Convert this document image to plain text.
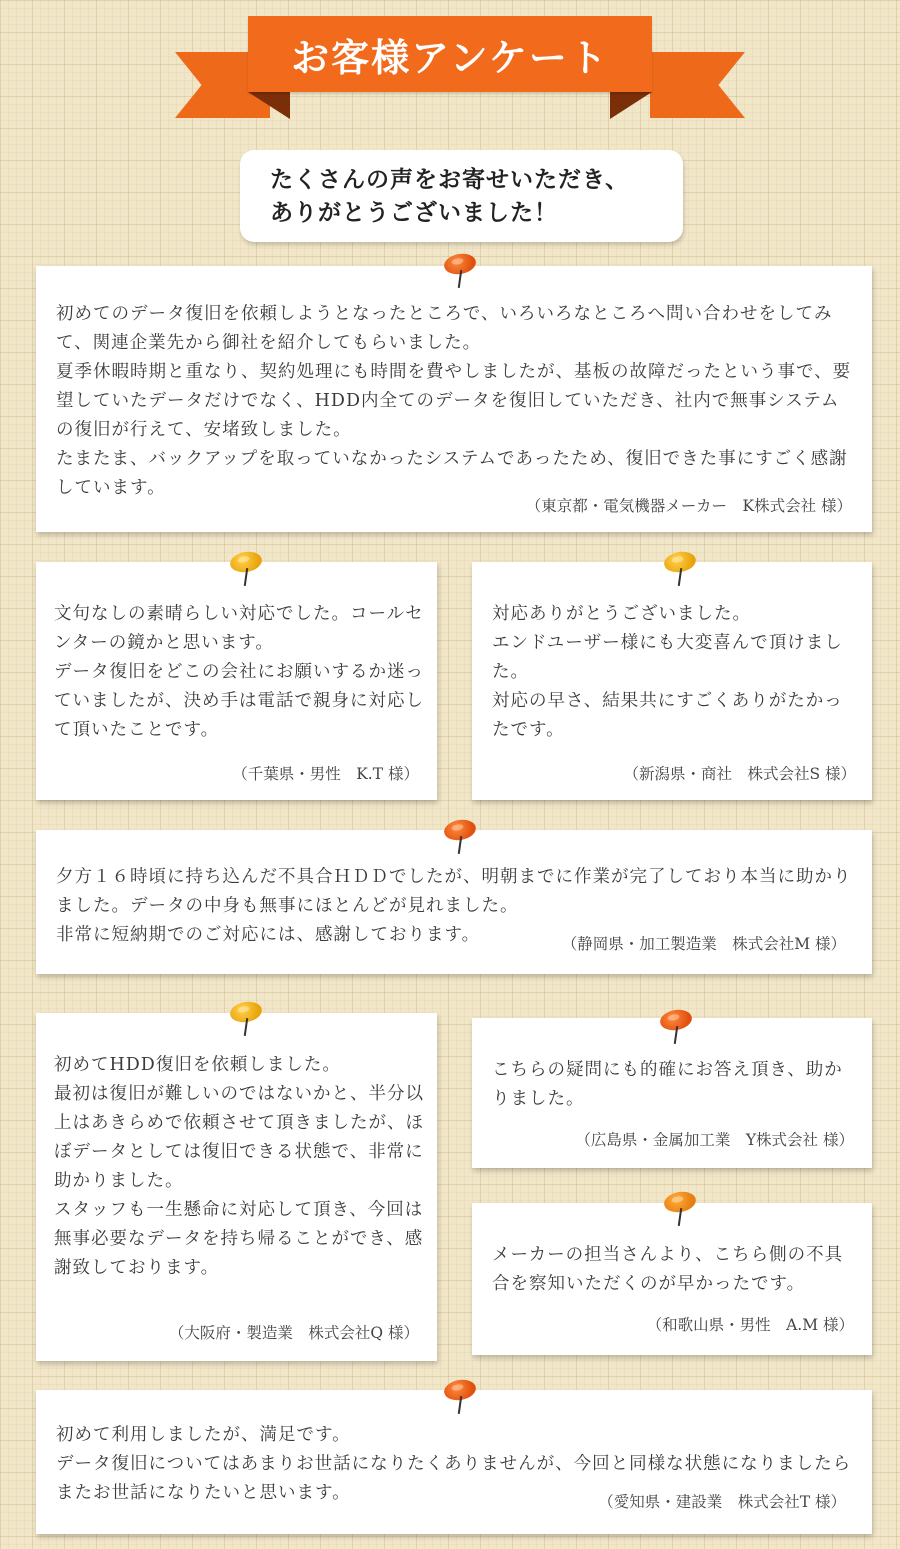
お客様アンケート
たくさんの声をお寄せいただき、
ありがとうございました！
初めてのデータ復旧を依頼しようとなったところで、いろいろなところへ問い合わせをしてみて、関連企業先から御社を紹介してもらいました。
夏季休暇時期と重なり、契約処理にも時間を費やしましたが、基板の故障だったという事で、要望していたデータだけでなく、HDD内全てのデータを復旧していただき、社内で無事システムの復旧が行えて、安堵致しました。
たまたま、バックアップを取っていなかったシステムであったため、復旧できた事にすごく感謝しています。
（東京都・電気機器メーカー　K株式会社 様）
文句なしの素晴らしい対応でした。コールセンターの鏡かと思います。
データ復旧をどこの会社にお願いするか迷っていましたが、決め手は電話で親身に対応して頂いたことです。
（千葉県・男性　K.T 様）
対応ありがとうございました。
エンドユーザー様にも大変喜んで頂けました。
対応の早さ、結果共にすごくありがたかったです。
（新潟県・商社　株式会社S 様）
夕方１６時頃に持ち込んだ不具合ＨＤＤでしたが、明朝までに作業が完了しており本当に助かりました。データの中身も無事にほとんどが見れました。
非常に短納期でのご対応には、感謝しております。	（静岡県・加工製造業　株式会社M 様）
初めてHDD復旧を依頼しました。
最初は復旧が難しいのではないかと、半分以上はあきらめで依頼させて頂きましたが、ほぼデータとしては復旧できる状態で、非常に助かりました。
スタッフも一生懸命に対応して頂き、今回は無事必要なデータを持ち帰ることができ、感謝致しております。
（大阪府・製造業　株式会社Q 様）
こちらの疑問にも的確にお答え頂き、助かりました。
（広島県・金属加工業　Y株式会社 様）
メーカーの担当さんより、こちら側の不具合を察知いただくのが早かったです。
（和歌山県・男性　A.M 様）
初めて利用しましたが、満足です。
データ復旧についてはあまりお世話になりたくありませんが、今回と同様な状態になりましたらまたお世話になりたいと思います。	（愛知県・建設業　株式会社T 様）
